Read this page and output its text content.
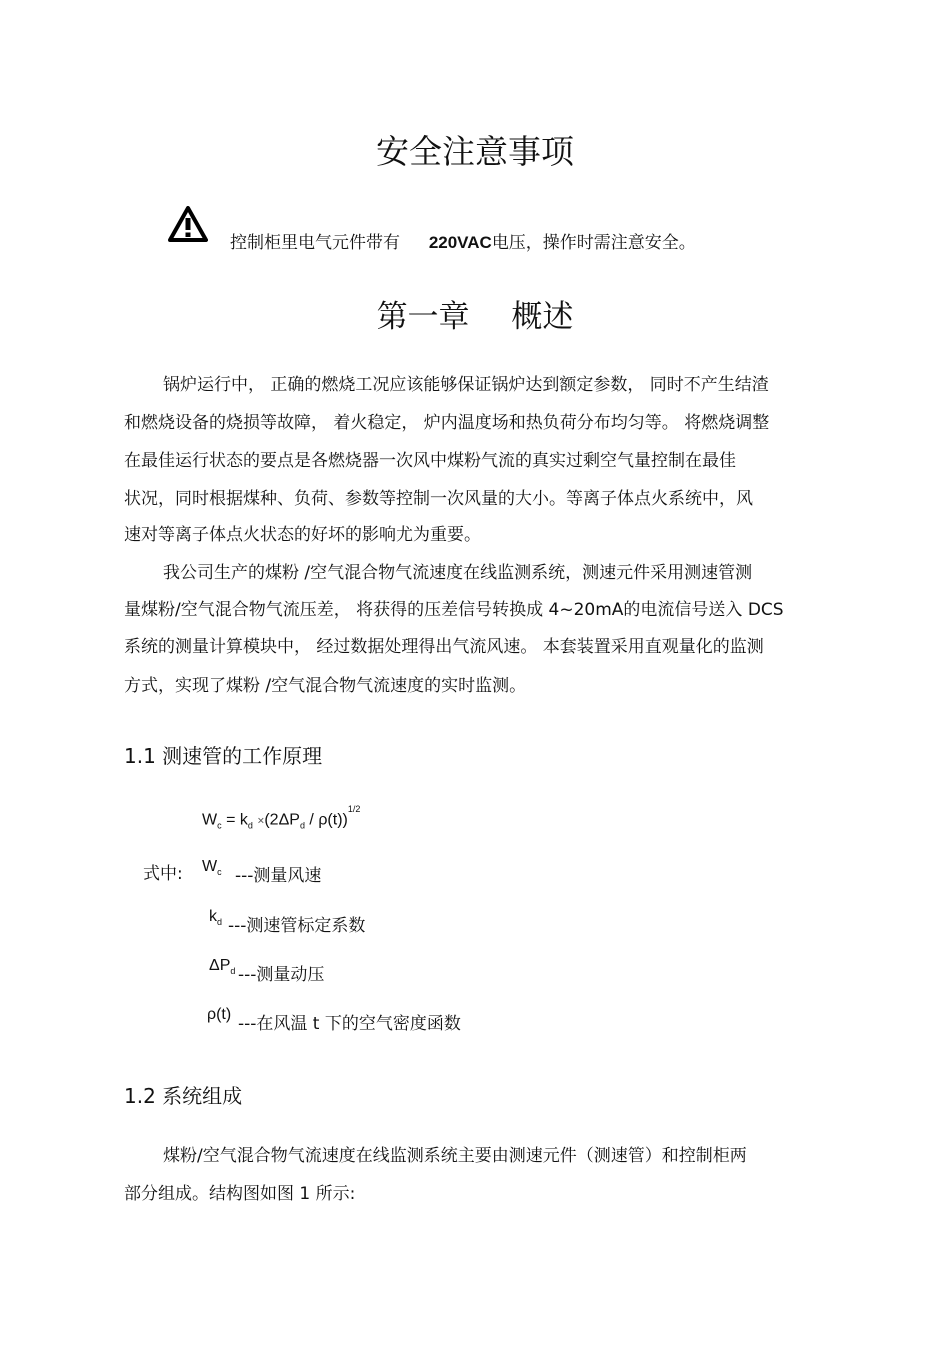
安全注意事项
控制柜里电气元件带有 220VAC电压，操作时需注意安全。
第一章 概述
锅炉运行中， 正确的燃烧工况应该能够保证锅炉达到额定参数， 同时不产生结渣
和燃烧设备的烧损等故障， 着火稳定， 炉内温度场和热负荷分布均匀等。 将燃烧调整
在最佳运行状态的要点是各燃烧器一次风中煤粉气流的真实过剩空气量控制在最佳
状况，同时根据煤种、负荷、参数等控制一次风量的大小。等离子体点火系统中，风
速对等离子体点火状态的好坏的影响尤为重要。
我公司生产的煤粉 /空气混合物气流速度在线监测系统，测速元件采用测速管测
量煤粉/空气混合物气流压差， 将获得的压差信号转换成 4~20mA的电流信号送入 DCS
系统的测量计算模块中， 经过数据处理得出气流风速。 本套装置采用直观量化的监测
方式，实现了煤粉 /空气混合物气流速度的实时监测。
1.1 测速管的工作原理
$W_c = k_d \times(2\Delta P_d / \rho(t))^{1/2}$
式中: $W_c$ ---测量风速
$k_d$ ---测速管标定系数
$\Delta P_d$ ---测量动压
ρ(t) ---在风温 t 下的空气密度函数
1.2 系统组成
煤粉/空气混合物气流速度在线监测系统主要由测速元件（测速管）和控制柜两
部分组成。结构图如图 1 所示:
